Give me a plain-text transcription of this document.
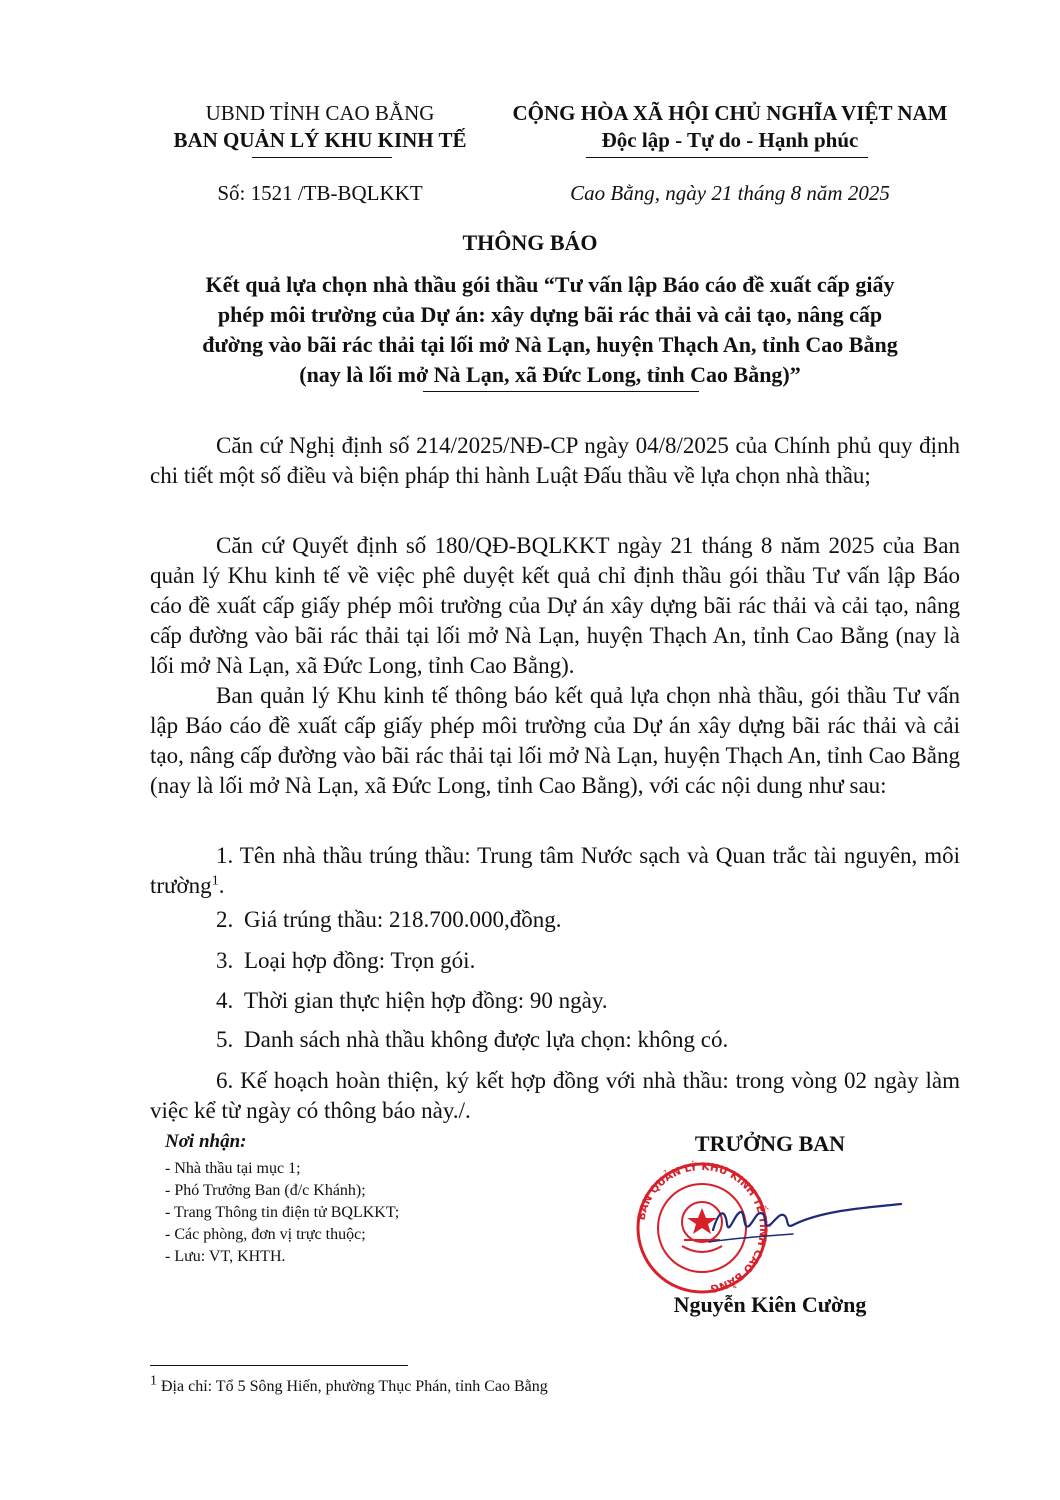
UBND TỈNH CAO BẰNG
BAN QUẢN LÝ KHU KINH TẾ
CỘNG HÒA XÃ HỘI CHỦ NGHĨA VIỆT NAM
Độc lập - Tự do - Hạnh phúc
Số: 1521 /TB-BQLKKT	Cao Bằng, ngày 21 tháng 8 năm 2025
THÔNG BÁO
Kết quả lựa chọn nhà thầu gói thầu “Tư vấn lập Báo cáo đề xuất cấp giấy
phép môi trường của Dự án: xây dựng bãi rác thải và cải tạo, nâng cấp
đường vào bãi rác thải tại lối mở Nà Lạn, huyện Thạch An, tỉnh Cao Bằng
(nay là lối mở Nà Lạn, xã Đức Long, tỉnh Cao Bằng)”

Căn cứ Nghị định số 214/2025/NĐ-CP ngày 04/8/2025 của Chính phủ quy định chi tiết một số điều và biện pháp thi hành Luật Đấu thầu về lựa chọn nhà thầu;

Căn cứ Quyết định số 180/QĐ-BQLKKT ngày 21 tháng 8 năm 2025 của Ban quản lý Khu kinh tế về việc phê duyệt kết quả chỉ định thầu gói thầu Tư vấn lập Báo cáo đề xuất cấp giấy phép môi trường của Dự án xây dựng bãi rác thải và cải tạo, nâng cấp đường vào bãi rác thải tại lối mở Nà Lạn, huyện Thạch An, tỉnh Cao Bằng (nay là lối mở Nà Lạn, xã Đức Long, tỉnh Cao Bằng).

Ban quản lý Khu kinh tế thông báo kết quả lựa chọn nhà thầu, gói thầu Tư vấn lập Báo cáo đề xuất cấp giấy phép môi trường của Dự án xây dựng bãi rác thải và cải tạo, nâng cấp đường vào bãi rác thải tại lối mở Nà Lạn, huyện Thạch An, tỉnh Cao Bằng (nay là lối mở Nà Lạn, xã Đức Long, tỉnh Cao Bằng), với các nội dung như sau:

1. Tên nhà thầu trúng thầu: Trung tâm Nước sạch và Quan trắc tài nguyên, môi trường$^1$.

2. Giá trúng thầu: 218.700.000,đồng.
3. Loại hợp đồng: Trọn gói.
4. Thời gian thực hiện hợp đồng: 90 ngày.
5. Danh sách nhà thầu không được lựa chọn: không có.

6. Kế hoạch hoàn thiện, ký kết hợp đồng với nhà thầu: trong vòng 02 ngày làm việc kể từ ngày có thông báo này./.

Nơi nhận:
- Nhà thầu tại mục 1;
- Phó Trưởng Ban (đ/c Khánh);
- Trang Thông tin điện tử BQLKKT;
- Các phòng, đơn vị trực thuộc;
- Lưu: VT, KHTH.
TRƯỞNG BAN
BAN QUẢN LÝ KHU KINH TẾ TỈNH CAO BẰNG
Nguyễn Kiên Cường
$^1$ Địa chỉ: Tổ 5 Sông Hiến, phường Thục Phán, tỉnh Cao Bằng
